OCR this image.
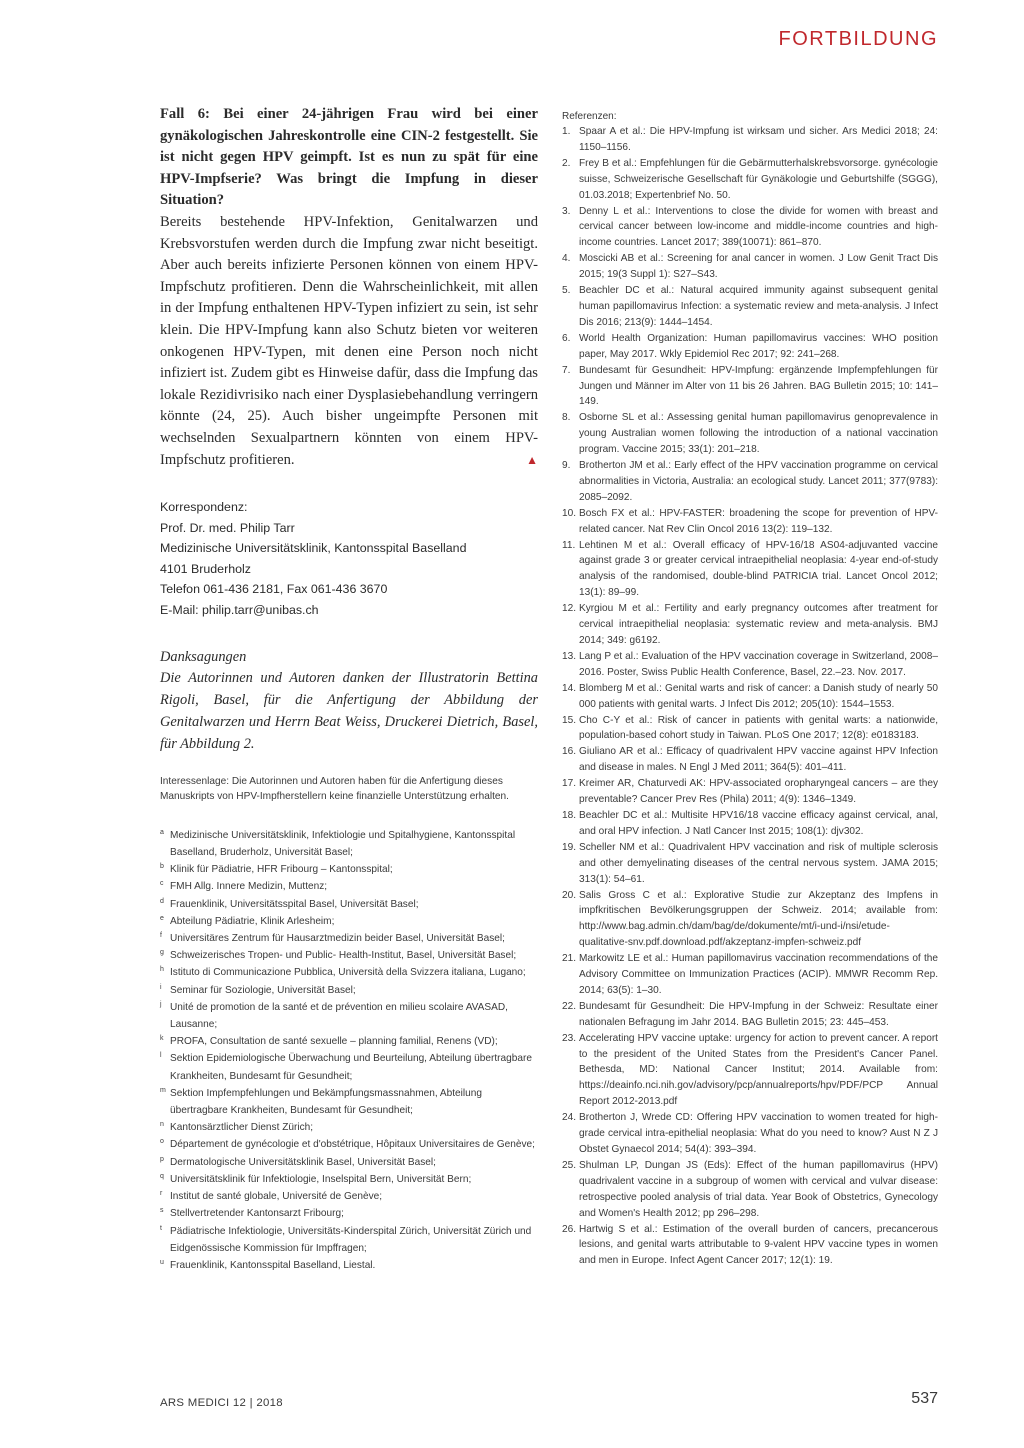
FORTBILDUNG

Fall 6: Bei einer 24-jährigen Frau wird bei einer gynäkologischen Jahreskontrolle eine CIN-2 festgestellt. Sie ist nicht gegen HPV geimpft. Ist es nun zu spät für eine HPV-Impfserie? Was bringt die Impfung in dieser Situation?

Bereits bestehende HPV-Infektion, Genitalwarzen und Krebsvorstufen werden durch die Impfung zwar nicht beseitigt. Aber auch bereits infizierte Personen können von einem HPV-Impfschutz profitieren. Denn die Wahrscheinlichkeit, mit allen in der Impfung enthaltenen HPV-Typen infiziert zu sein, ist sehr klein. Die HPV-Impfung kann also Schutz bieten vor weiteren onkogenen HPV-Typen, mit denen eine Person noch nicht infiziert ist. Zudem gibt es Hinweise dafür, dass die Impfung das lokale Rezidivrisiko nach einer Dysplasiebehandlung verringern könnte (24, 25). Auch bisher ungeimpfte Personen mit wechselnden Sexualpartnern könnten von einem HPV-Impfschutz profitieren.	▲

Korrespondenz:
Prof. Dr. med. Philip Tarr
Medizinische Universitätsklinik, Kantonsspital Baselland
4101 Bruderholz
Telefon 061-436 2181, Fax 061-436 3670
E-Mail: philip.tarr@unibas.ch

Danksagungen

Die Autorinnen und Autoren danken der Illustratorin Bettina Rigoli, Basel, für die Anfertigung der Abbildung der Genitalwarzen und Herrn Beat Weiss, Druckerei Dietrich, Basel, für Abbildung 2.

Interessenlage: Die Autorinnen und Autoren haben für die Anfertigung dieses Manuskripts von HPV-Impfherstellern keine finanzielle Unterstützung erhalten.
a Medizinische Universitätsklinik, Infektiologie und Spitalhygiene, Kantonsspital Baselland, Bruderholz, Universität Basel;
b Klinik für Pädiatrie, HFR Fribourg – Kantonsspital;
c FMH Allg. Innere Medizin, Muttenz;
d Frauenklinik, Universitätsspital Basel, Universität Basel;
e Abteilung Pädiatrie, Klinik Arlesheim;
f Universitäres Zentrum für Hausarztmedizin beider Basel, Universität Basel;
g Schweizerisches Tropen- und Public- Health-Institut, Basel, Universität Basel;
h Istituto di Communicazione Pubblica, Università della Svizzera italiana, Lugano;
i Seminar für Soziologie, Universität Basel;
j Unité de promotion de la santé et de prévention en milieu scolaire AVASAD, Lausanne;
k PROFA, Consultation de santé sexuelle – planning familial, Renens (VD);
l Sektion Epidemiologische Überwachung und Beurteilung, Abteilung übertragbare Krankheiten, Bundesamt für Gesundheit;
m Sektion Impfempfehlungen und Bekämpfungsmassnahmen, Abteilung übertragbare Krankheiten, Bundesamt für Gesundheit;
n Kantonsärztlicher Dienst Zürich;
o Département de gynécologie et d'obstétrique, Hôpitaux Universitaires de Genève;
p Dermatologische Universitätsklinik Basel, Universität Basel;
q Universitätsklinik für Infektiologie, Inselspital Bern, Universität Bern;
r Institut de santé globale, Université de Genève;
s Stellvertretender Kantonsarzt Fribourg;
t Pädiatrische Infektiologie, Universitäts-Kinderspital Zürich, Universität Zürich und Eidgenössische Kommission für Impffragen;
u Frauenklinik, Kantonsspital Baselland, Liestal.
Referenzen:
1. Spaar A et al.: Die HPV-Impfung ist wirksam und sicher. Ars Medici 2018; 24: 1150–1156.
2. Frey B et al.: Empfehlungen für die Gebärmutterhalskrebsvorsorge. gynécologie suisse, Schweizerische Gesellschaft für Gynäkologie und Geburtshilfe (SGGG), 01.03.2018; Expertenbrief No. 50.
3. Denny L et al.: Interventions to close the divide for women with breast and cervical cancer between low-income and middle-income countries and high-income countries. Lancet 2017; 389(10071): 861–870.
4. Moscicki AB et al.: Screening for anal cancer in women. J Low Genit Tract Dis 2015; 19(3 Suppl 1): S27–S43.
5. Beachler DC et al.: Natural acquired immunity against subsequent genital human papillomavirus Infection: a systematic review and meta-analysis. J Infect Dis 2016; 213(9): 1444–1454.
6. World Health Organization: Human papillomavirus vaccines: WHO position paper, May 2017. Wkly Epidemiol Rec 2017; 92: 241–268.
7. Bundesamt für Gesundheit: HPV-Impfung: ergänzende Impfempfehlungen für Jungen und Männer im Alter von 11 bis 26 Jahren. BAG Bulletin 2015; 10: 141–149.
8. Osborne SL et al.: Assessing genital human papillomavirus genoprevalence in young Australian women following the introduction of a national vaccination program. Vaccine 2015; 33(1): 201–218.
9. Brotherton JM et al.: Early effect of the HPV vaccination programme on cervical abnormalities in Victoria, Australia: an ecological study. Lancet 2011; 377(9783): 2085–2092.
10. Bosch FX et al.: HPV-FASTER: broadening the scope for prevention of HPV-related cancer. Nat Rev Clin Oncol 2016 13(2): 119–132.
11. Lehtinen M et al.: Overall efficacy of HPV-16/18 AS04-adjuvanted vaccine against grade 3 or greater cervical intraepithelial neoplasia: 4-year end-of-study analysis of the randomised, double-blind PATRICIA trial. Lancet Oncol 2012; 13(1): 89–99.
12. Kyrgiou M et al.: Fertility and early pregnancy outcomes after treatment for cervical intraepithelial neoplasia: systematic review and meta-analysis. BMJ 2014; 349: g6192.
13. Lang P et al.: Evaluation of the HPV vaccination coverage in Switzerland, 2008–2016. Poster, Swiss Public Health Conference, Basel, 22.–23. Nov. 2017.
14. Blomberg M et al.: Genital warts and risk of cancer: a Danish study of nearly 50 000 patients with genital warts. J Infect Dis 2012; 205(10): 1544–1553.
15. Cho C-Y et al.: Risk of cancer in patients with genital warts: a nationwide, population-based cohort study in Taiwan. PLoS One 2017; 12(8): e0183183.
16. Giuliano AR et al.: Efficacy of quadrivalent HPV vaccine against HPV Infection and disease in males. N Engl J Med 2011; 364(5): 401–411.
17. Kreimer AR, Chaturvedi AK: HPV-associated oropharyngeal cancers – are they preventable? Cancer Prev Res (Phila) 2011; 4(9): 1346–1349.
18. Beachler DC et al.: Multisite HPV16/18 vaccine efficacy against cervical, anal, and oral HPV infection. J Natl Cancer Inst 2015; 108(1): djv302.
19. Scheller NM et al.: Quadrivalent HPV vaccination and risk of multiple sclerosis and other demyelinating diseases of the central nervous system. JAMA 2015; 313(1): 54–61.
20. Salis Gross C et al.: Explorative Studie zur Akzeptanz des Impfens in impfkritischen Bevölkerungsgruppen der Schweiz. 2014; available from: http://www.bag.admin.ch/dam/bag/de/dokumente/mt/i-und-i/nsi/etude-qualitative-snv.pdf.download.pdf/akzeptanz-impfen-schweiz.pdf
21. Markowitz LE et al.: Human papillomavirus vaccination recommendations of the Advisory Committee on Immunization Practices (ACIP). MMWR Recomm Rep. 2014; 63(5): 1–30.
22. Bundesamt für Gesundheit: Die HPV-Impfung in der Schweiz: Resultate einer nationalen Befragung im Jahr 2014. BAG Bulletin 2015; 23: 445–453.
23. Accelerating HPV vaccine uptake: urgency for action to prevent cancer. A report to the president of the United States from the President's Cancer Panel. Bethesda, MD: National Cancer Institut; 2014. Available from: https://deainfo.nci.nih.gov/advisory/pcp/annualreports/hpv/PDF/PCP Annual Report 2012-2013.pdf
24. Brotherton J, Wrede CD: Offering HPV vaccination to women treated for high-grade cervical intra-epithelial neoplasia: What do you need to know? Aust N Z J Obstet Gynaecol 2014; 54(4): 393–394.
25. Shulman LP, Dungan JS (Eds): Effect of the human papillomavirus (HPV) quadrivalent vaccine in a subgroup of women with cervical and vulvar disease: retrospective pooled analysis of trial data. Year Book of Obstetrics, Gynecology and Women's Health 2012; pp 296–298.
26. Hartwig S et al.: Estimation of the overall burden of cancers, precancerous lesions, and genital warts attributable to 9-valent HPV vaccine types in women and men in Europe. Infect Agent Cancer 2017; 12(1): 19.
ARS MEDICI 12 | 2018	537
